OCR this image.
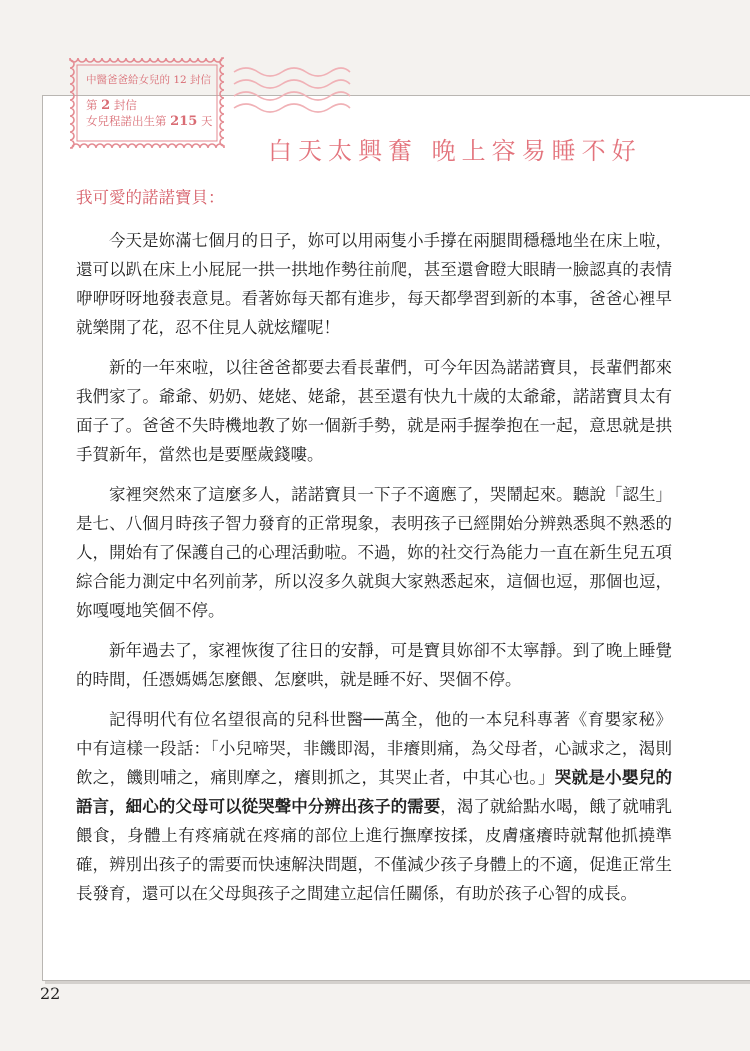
中醫爸爸給女兒的 12 封信
第 2 封信
女兒程諾出生第 215 天
白天太興奮 晚上容易睡不好
我可愛的諾諾寶貝：

今天是妳滿七個月的日子，妳可以用兩隻小手撐在兩腿間穩穩地坐在床上啦，還可以趴在床上小屁屁一拱一拱地作勢往前爬，甚至還會瞪大眼睛一臉認真的表情咿咿呀呀地發表意見。看著妳每天都有進步，每天都學習到新的本事，爸爸心裡早就樂開了花，忍不住見人就炫耀呢！

新的一年來啦，以往爸爸都要去看長輩們，可今年因為諾諾寶貝，長輩們都來我們家了。爺爺、奶奶、姥姥、姥爺，甚至還有快九十歲的太爺爺，諾諾寶貝太有面子了。爸爸不失時機地教了妳一個新手勢，就是兩手握拳抱在一起，意思就是拱手賀新年，當然也是要壓歲錢嘍。

家裡突然來了這麼多人，諾諾寶貝一下子不適應了，哭鬧起來。聽說「認生」是七、八個月時孩子智力發育的正常現象，表明孩子已經開始分辨熟悉與不熟悉的人，開始有了保護自己的心理活動啦。不過，妳的社交行為能力一直在新生兒五項綜合能力測定中名列前茅，所以沒多久就與大家熟悉起來，這個也逗，那個也逗，妳嘎嘎地笑個不停。

新年過去了，家裡恢復了往日的安靜，可是寶貝妳卻不太寧靜。到了晚上睡覺的時間，任憑媽媽怎麼餵、怎麼哄，就是睡不好、哭個不停。

記得明代有位名望很高的兒科世醫──萬全，他的一本兒科專著《育嬰家秘》中有這樣一段話：「小兒啼哭，非饑即渴，非癢則痛，為父母者，心誠求之，渴則飲之，饑則哺之，痛則摩之，癢則抓之，其哭止者，中其心也。」哭就是小嬰兒的語言，細心的父母可以從哭聲中分辨出孩子的需要，渴了就給點水喝，餓了就哺乳餵食，身體上有疼痛就在疼痛的部位上進行撫摩按揉，皮膚瘙癢時就幫他抓撓準確，辨別出孩子的需要而快速解決問題，不僅減少孩子身體上的不適，促進正常生長發育，還可以在父母與孩子之間建立起信任關係，有助於孩子心智的成長。

22
